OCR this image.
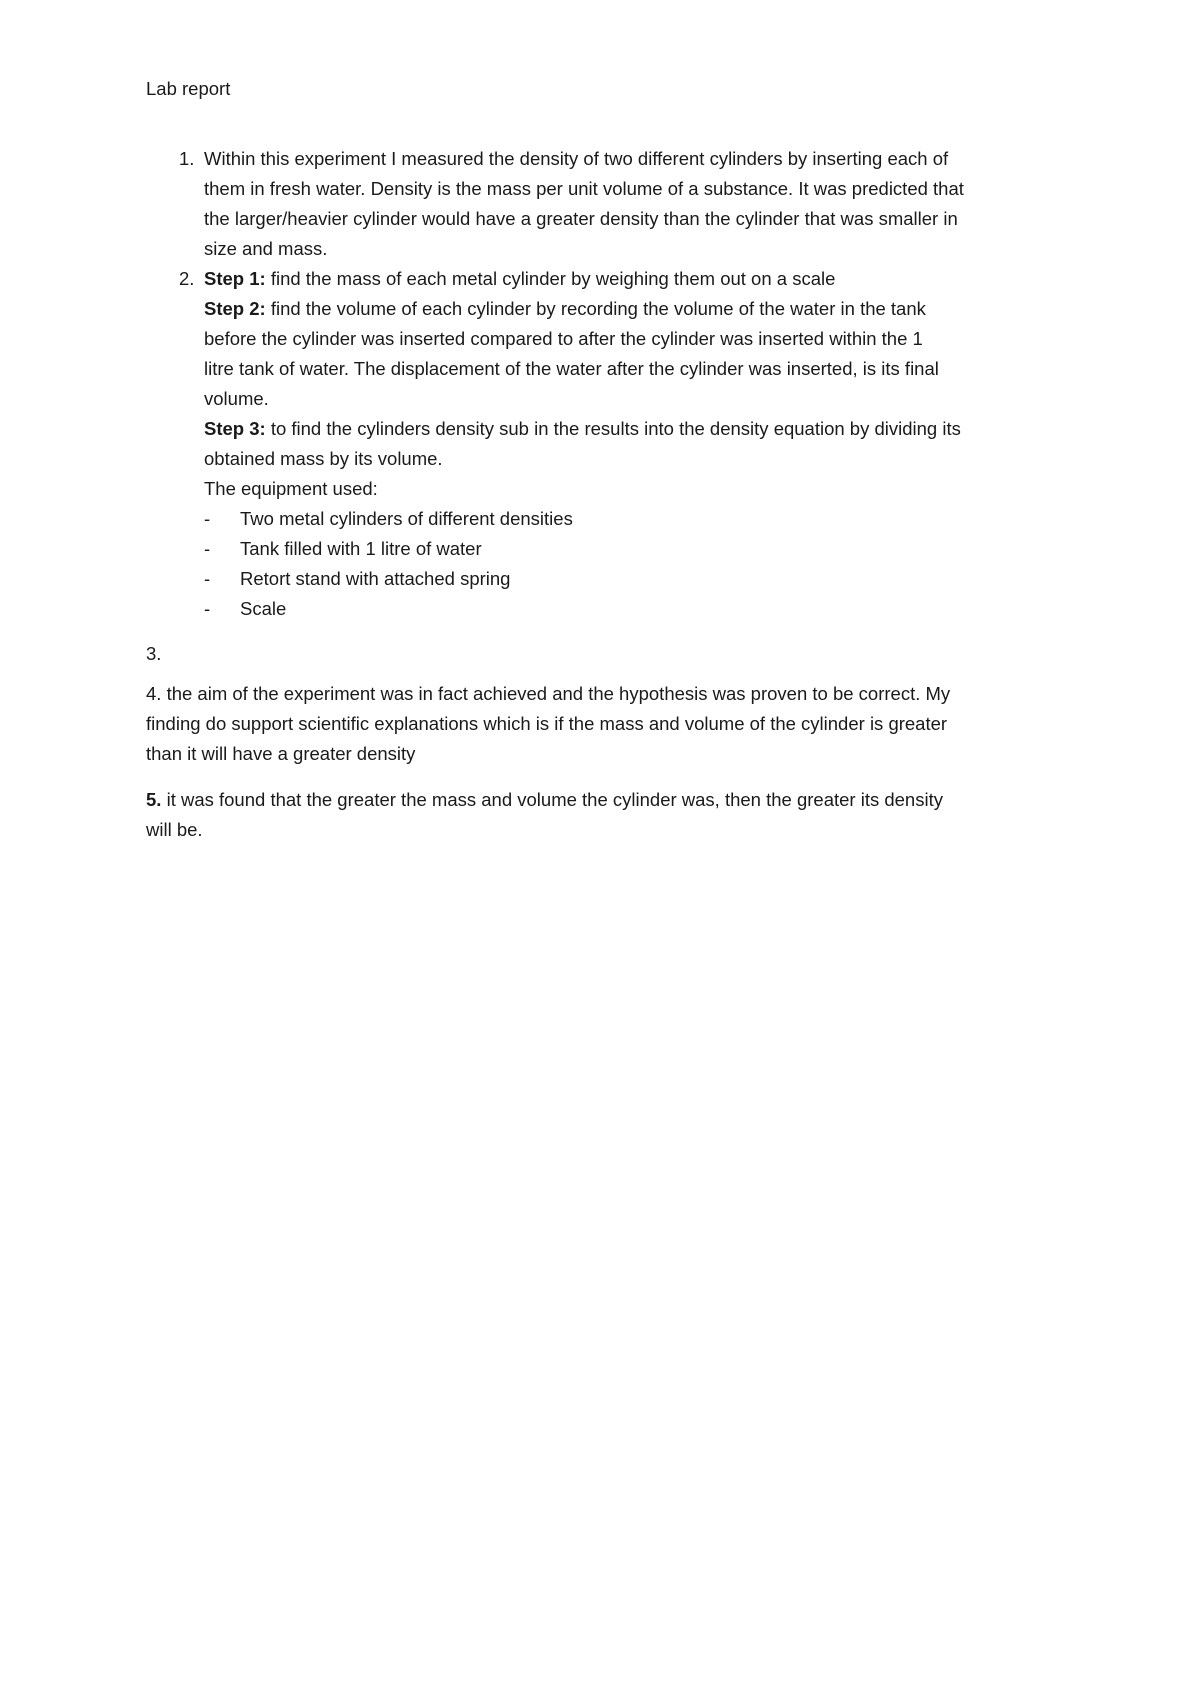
Lab report
1. Within this experiment I measured the density of two different cylinders by inserting each of
them in fresh water. Density is the mass per unit volume of a substance. It was predicted that
the larger/heavier cylinder would have a greater density than the cylinder that was smaller in
size and mass.
2. Step 1: find the mass of each metal cylinder by weighing them out on a scale
Step 2: find the volume of each cylinder by recording the volume of the water in the tank
before the cylinder was inserted compared to after the cylinder was inserted within the 1
litre tank of water. The displacement of the water after the cylinder was inserted, is its final
volume.
Step 3: to find the cylinders density sub in the results into the density equation by dividing its
obtained mass by its volume.
The equipment used:
- Two metal cylinders of different densities
- Tank filled with 1 litre of water
- Retort stand with attached spring
- Scale
3.
4. the aim of the experiment was in fact achieved and the hypothesis was proven to be correct. My
finding do support scientific explanations which is if the mass and volume of the cylinder is greater
than it will have a greater density
5. it was found that the greater the mass and volume the cylinder was, then the greater its density
will be.
